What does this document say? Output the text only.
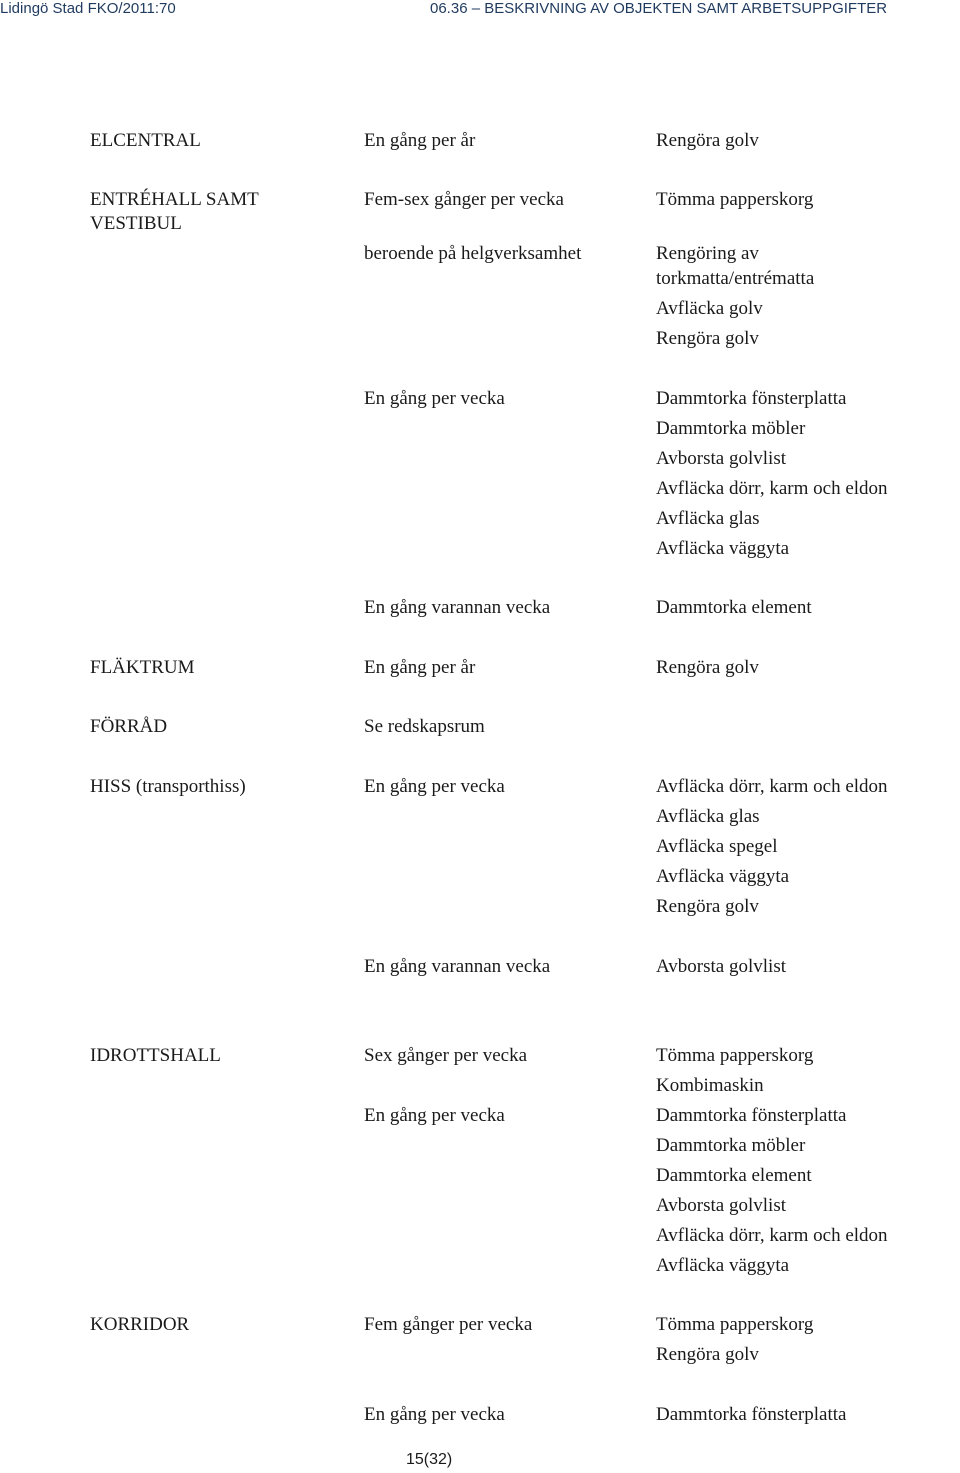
Lidingö Stad FKO/2011:70	06.36 – BESKRIVNING AV OBJEKTEN SAMT ARBETSUPPGIFTER
ELCENTRAL	En gång per år	Rengöra golv
ENTRÉHALL SAMT
VESTIBUL
Fem-sex gånger per vecka	Tömma papperskorg
beroende på helgverksamhet	Rengöring av
torkmatta/entrématta
Avfläcka golv
Rengöra golv
En gång per vecka	Dammtorka fönsterplatta
Dammtorka möbler
Avborsta golvlist
Avfläcka dörr, karm och eldon
Avfläcka glas
Avfläcka väggyta
En gång varannan vecka	Dammtorka element
FLÄKTRUM	En gång per år	Rengöra golv
FÖRRÅD	Se redskapsrum
HISS (transporthiss)	En gång per vecka	Avfläcka dörr, karm och eldon
Avfläcka glas
Avfläcka spegel
Avfläcka väggyta
Rengöra golv
En gång varannan vecka	Avborsta golvlist
IDROTTSHALL	Sex gånger per vecka	Tömma papperskorg
Kombimaskin
En gång per vecka	Dammtorka fönsterplatta
Dammtorka möbler
Dammtorka element
Avborsta golvlist
Avfläcka dörr, karm och eldon
Avfläcka väggyta
KORRIDOR	Fem gånger per vecka	Tömma papperskorg
Rengöra golv
En gång per vecka	Dammtorka fönsterplatta
15(32)
